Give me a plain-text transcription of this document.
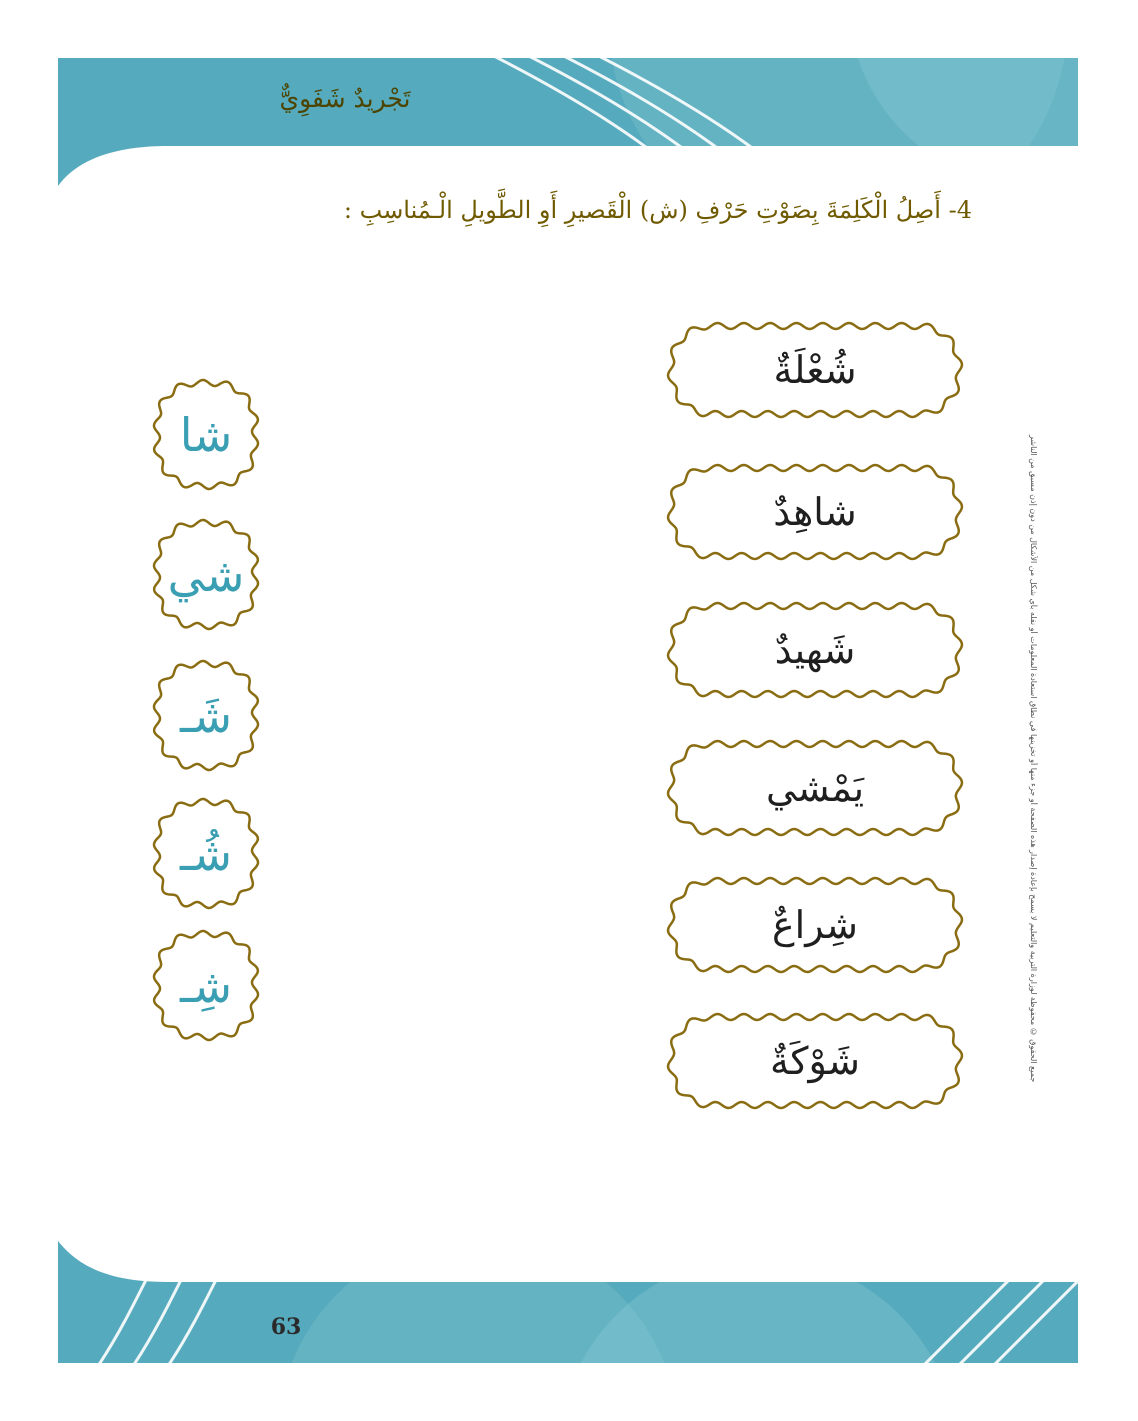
تَجْريدٌ شَفَوِيٌّ
4- أَصِلُ الْكَلِمَةَ بِصَوْتِ حَرْفِ (ش) الْقَصيرِ أَوِ الطَّويلِ الْـمُناسِبِ :
شُعْلَةٌ
شاهِدٌ
شَهيدٌ
يَمْشي
شِراعٌ
شَوْكَةٌ
شا
شي
شَـ
شُـ
شِـ	جميع الحقوق © محفوظة لوزارة التربية والتعليم لا يسمح بإعادة إصدار هذه الصفحة أو جزء منها أو تخزينها في نطاق استعادة المعلومات أو نقله بأي شكل من الأشكال من دون إذن مسبق من الناشر
63
